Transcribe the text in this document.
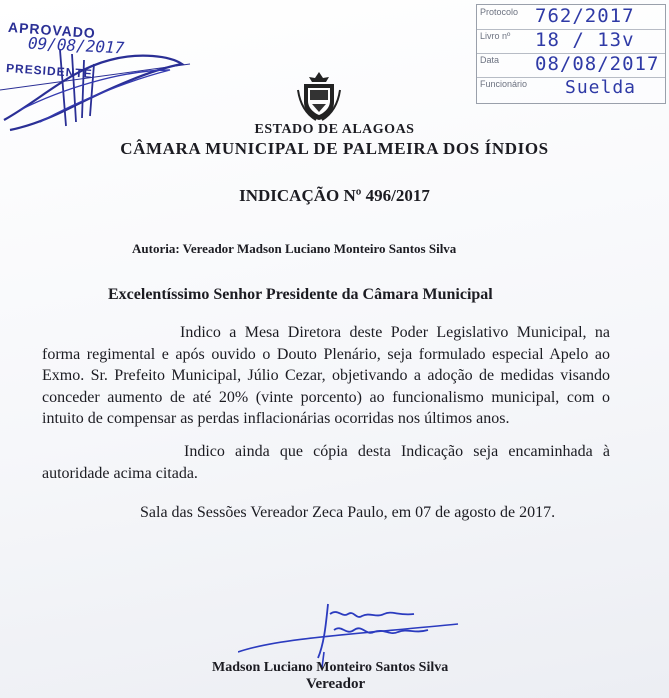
APROVADO
09/08/2017
PRESIDENTE
Protocolo 762/2017
Livro nº 18 / 13v
Data 08/08/2017
Funcionário Suelda
ESTADO DE ALAGOAS
CÂMARA MUNICIPAL DE PALMEIRA DOS ÍNDIOS
INDICAÇÃO Nº 496/2017
Autoria: Vereador Madson Luciano Monteiro Santos Silva
Excelentíssimo Senhor Presidente da Câmara Municipal
Indico a Mesa Diretora deste Poder Legislativo Municipal, na forma regimental e após ouvido o Douto Plenário, seja formulado especial Apelo ao Exmo. Sr. Prefeito Municipal, Júlio Cezar, objetivando a adoção de medidas visando conceder aumento de até 20% (vinte porcento) ao funcionalismo municipal, com o intuito de compensar as perdas inflacionárias ocorridas nos últimos anos.
Indico ainda que cópia desta Indicação seja encaminhada à autoridade acima citada.
Sala das Sessões Vereador Zeca Paulo, em 07 de agosto de 2017.
Madson Luciano Monteiro Santos Silva
Vereador
